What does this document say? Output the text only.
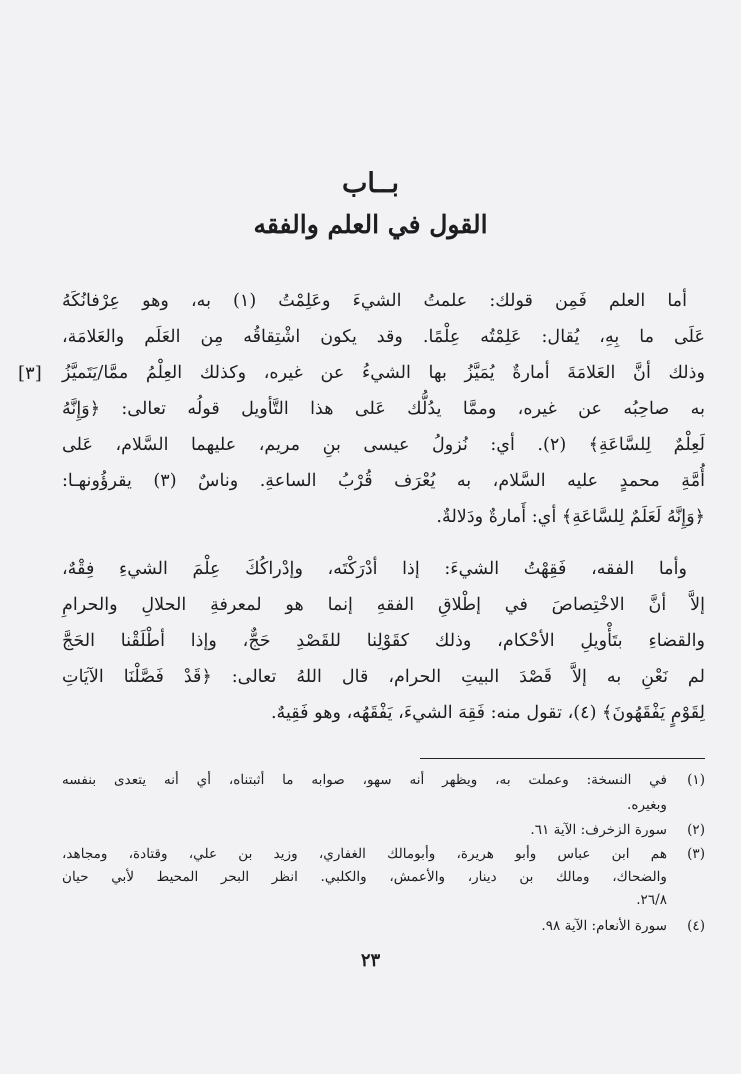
بــاب
القول في العلم والفقه
[٣]
أما العلم فَمِن قولك: علمتُ الشيءَ وعَلِمْتُ (١) به، وهو عِرْفانُكَهُ
عَلَى ما بِهِ، يُقال: عَلِمْتُه عِلْمًا. وقد يكون اشْتِقاقُه مِن العَلَم والعَلامَة،
وذلك أنَّ العَلامَةَ أمارةٌ يُمَيَّزُ بها الشيءُ عن غيره، وكذلك العِلْمُ ممَّا/يَتَميَّزُ
به صاحِبُه عن غيره، وممَّا يدُلُّك عَلى هذا التَّأويل قولُه تعالى: ﴿وَإِنَّهُ
لَعِلْمٌ لِلسَّاعَةِ﴾ (٢). أي: نُزولُ عيسى بنِ مريم، عليهما السَّلام، عَلى
أُمَّةِ محمدٍ عليه السَّلام، به يُعْرَف قُرْبُ الساعةِ. وناسٌ (٣) يقرؤُونهـا:
﴿وَإِنَّهُ لَعَلَمٌ لِلسَّاعَةِ﴾ أي: أَمارةٌ ودَلالةٌ.
وأما الفقه، فَقِهْتُ الشيءَ: إذا أدْرَكْتَه، وإدْراكُكَ عِلْمَ الشيءِ فِقْهٌ،
إلاَّ أنَّ الاخْتِصاصَ في إطْلاقِ الفقهِ إنما هو لمعرفةِ الحلالِ والحرامِ
والقضاءِ بتَأْويلِ الأحْكام، وذلك كقَوْلِنا للقَصْدِ حَجٌّ، وإذا أطْلَقْنا الحَجَّ
لم نَعْنِ به إلاَّ قَصْدَ البيتِ الحرام، قال اللهُ تعالى: ﴿قَدْ فَصَّلْنَا الآيَاتِ
لِقَوْمٍ يَفْقَهُونَ﴾ (٤)، تقول منه: فَقِهَ الشيءَ، يَفْقَهُه، وهو فَقِيهٌ.
(١)في النسخة: وعملت به، ويظهر أنه سهو، صوابه ما أثبتناه، أي أنه يتعدى بنفسه
وبغيره.
(٢)سورة الزخرف: الآية ٦١.
(٣)هم ابن عباس وأبو هريرة، وأبومالك الغفاري، وزيد بن علي، وقتادة، ومجاهد،
والضحاك، ومالك بن دينار، والأعمش، والكلبي. انظر البحر المحيط لأبي حيان
٢٦/٨.
(٤)سورة الأنعام: الآية ٩٨.
٢٣
